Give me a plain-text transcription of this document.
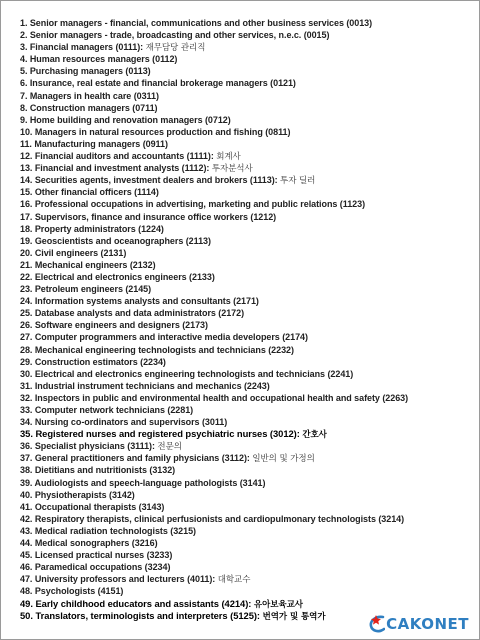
1. Senior managers - financial, communications and other business services (0013)
2. Senior managers - trade, broadcasting and other services, n.e.c. (0015)
3. Financial managers (0111): 재무담당 관리직
4. Human resources managers (0112)
5. Purchasing managers (0113)
6. Insurance, real estate and financial brokerage managers (0121)
7. Managers in health care (0311)
8. Construction managers (0711)
9. Home building and renovation managers (0712)
10. Managers in natural resources production and fishing (0811)
11. Manufacturing managers (0911)
12. Financial auditors and accountants (1111): 회계사
13. Financial and investment analysts (1112): 투자분석사
14. Securities agents, investment dealers and brokers (1113): 투자 딜러
15. Other financial officers (1114)
16. Professional occupations in advertising, marketing and public relations (1123)
17. Supervisors, finance and insurance office workers (1212)
18. Property administrators (1224)
19. Geoscientists and oceanographers (2113)
20. Civil engineers (2131)
21. Mechanical engineers (2132)
22. Electrical and electronics engineers (2133)
23. Petroleum engineers (2145)
24. Information systems analysts and consultants (2171)
25. Database analysts and data administrators (2172)
26. Software engineers and designers (2173)
27. Computer programmers and interactive media developers (2174)
28. Mechanical engineering technologists and technicians (2232)
29. Construction estimators (2234)
30. Electrical and electronics engineering technologists and technicians (2241)
31. Industrial instrument technicians and mechanics (2243)
32. Inspectors in public and environmental health and occupational health and safety (2263)
33. Computer network technicians (2281)
34. Nursing co-ordinators and supervisors (3011)
35. Registered nurses and registered psychiatric nurses (3012): 간호사
36. Specialist physicians (3111): 전문의
37. General practitioners and family physicians (3112): 일반의 및 가정의
38. Dietitians and nutritionists (3132)
39. Audiologists and speech-language pathologists (3141)
40. Physiotherapists (3142)
41. Occupational therapists (3143)
42. Respiratory therapists, clinical perfusionists and cardiopulmonary technologists (3214)
43. Medical radiation technologists (3215)
44. Medical sonographers (3216)
45. Licensed practical nurses (3233)
46. Paramedical occupations (3234)
47. University professors and lecturers (4011): 대학교수
48. Psychologists (4151)
49. Early childhood educators and assistants (4214): 유아보육교사
50. Translators, terminologists and interpreters (5125): 번역가 및 통역가	CAKONET
